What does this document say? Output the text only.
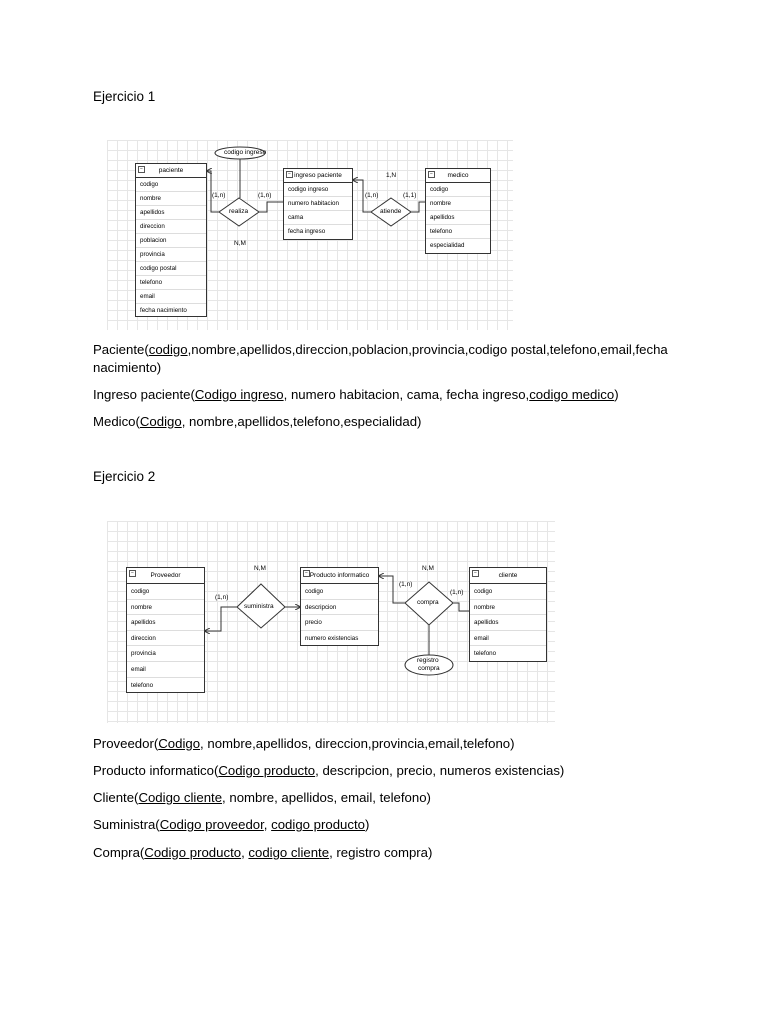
Ejercicio 1
codigo ingreso
realiza	atiende
(1,n)	(1,n)	(1,n)	(1,1)
N,M
1,N
−	paciente
codigo
nombre
apellidos
direccion
poblacion
provincia
codigo postal
telefono
email
fecha nacimiento
− ingreso paciente
codigo ingreso
numero habitacion
cama
fecha ingreso
−	medico
codigo
nombre
apellidos
telefono
especialidad
Paciente(codigo,nombre,apellidos,direccion,poblacion,provincia,codigo postal,telefono,email,fecha
nacimiento)
Ingreso paciente(Codigo ingreso, numero habitacion, cama, fecha ingreso,codigo medico)
Medico(Codigo, nombre,apellidos,telefono,especialidad)
Ejercicio 2
suministra
compra
registro
compra
(1,n)
(1,n)
(1,n)
N,M	N,M
−	Proveedor
codigo
nombre
apellidos
direccion
provincia
email
telefono
− Producto informatico
codigo
descripcion
precio
numero existencias
−	cliente
codigo
nombre
apellidos
email
telefono
Proveedor(Codigo, nombre,apellidos, direccion,provincia,email,telefono)
Producto informatico(Codigo producto, descripcion, precio, numeros existencias)
Cliente(Codigo cliente, nombre, apellidos, email, telefono)
Suministra(Codigo proveedor, codigo producto)
Compra(Codigo producto, codigo cliente, registro compra)
